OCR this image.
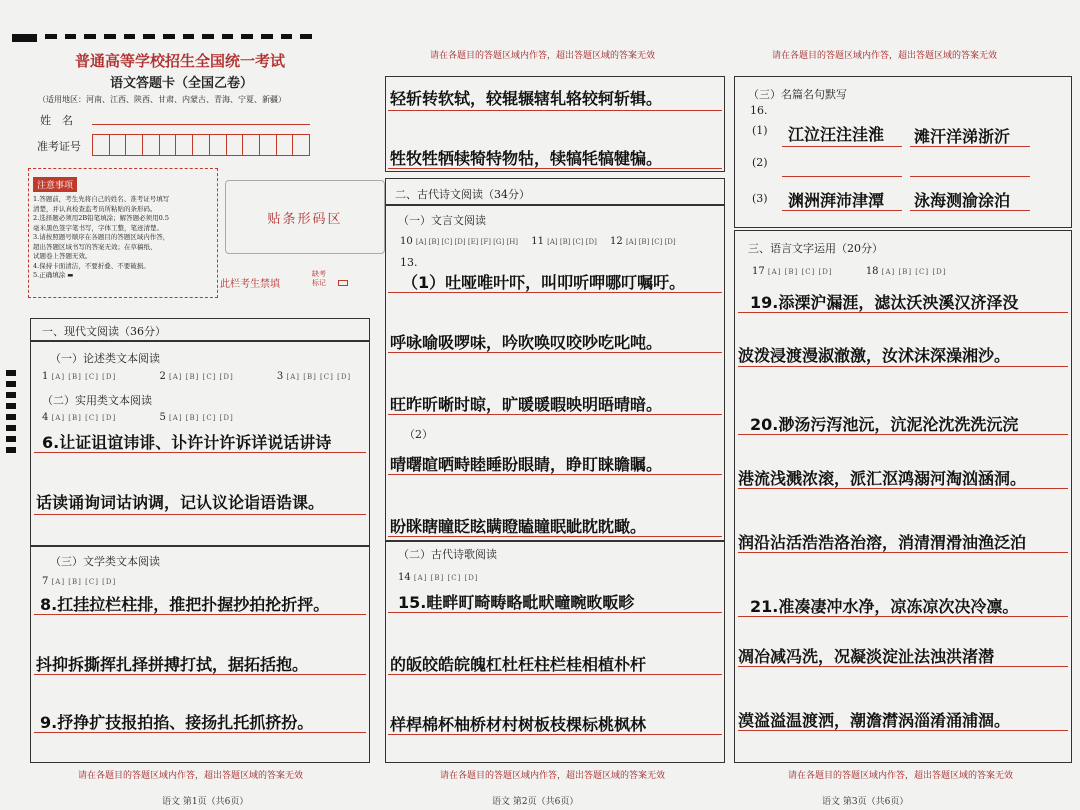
普通高等学校招生全国统一考试
语文答题卡（全国乙卷）
（适用地区：河南、江西、陕西、甘肃、内蒙古、青海、宁夏、新疆）
姓　名
准考证号
注意事项
1.答题前，考生先将自己的姓名、准考证号填写
清楚，并认真检查监考员所粘贴的条形码。
2.选择题必须用2B铅笔填涂；解答题必须用0.5
毫米黑色签字笔书写，字体工整，笔迹清楚。
3.请按照题号顺序在各题目的答题区域内作答，
超出答题区域书写的答案无效；在草稿纸、
试题卷上答题无效。
4.保持卡面清洁，不要折叠、不要破损。
5.正确填涂 ▬
贴条形码区
此栏考生禁填
缺考标记
一、现代文阅读（36分）
（一）论述类文本阅读
1 [A] [B] [C] [D]	2 [A] [B] [C] [D]	3 [A] [B] [C] [D]
（二）实用类文本阅读
4 [A] [B] [C] [D]	5 [A] [B] [C] [D]
6.让证诅谊讳诽、讣许计许诉详说话讲诗
话读诵询词诂讷调，记认议论诣语诰课。
（三）文学类文本阅读
7 [A] [B] [C] [D]
8.扛挂拉栏柱排，推把扑握抄拍抡折抨。
抖抑拆撕挥扎择拼搏打拭，据拓括抱。
9.抒挣扩技报拍掐、接扬扎托抓挤扮。
请在各题目的答题区域内作答，超出答题区域的答案无效
语文 第1页（共6页）
请在各题目的答题区域内作答，超出答题区域的答案无效
轻斩转软轼，较辊辗辖轧辂较轲斩辑。
牲牧牲牺犊犄特物牯，犊犒牦犒犍犏。
二、古代诗文阅读（34分）
（一）文言文阅读
10 [A] [B] [C] [D] [E] [F] [G] [H] 11 [A] [B] [C] [D] 12 [A] [B] [C] [D]
13.
（1）吐哑唯叶吓，叫叩听呷哪叮嘱吁。
呼咏喻吸啰味，吟吹唤叹咬吵吃叱吨。
旺昨昕晰时晾，旷暖暖暇映明晤晴暗。
（2）
晴曙暄晒畤睦睡盼眼睛，睁盯睐瞻瞩。
盼眯瞎瞳眨眩瞒瞪瞌瞳眠眦眈眈瞰。
（二）古代诗歌阅读
14 [A] [B] [C] [D]
15.畦畔町畸畴略毗畎疃畹畋畈畛
的皈皎皓皖魄杠杜枉柱栏桂相植朴杆
样桿棉杯柚桥材村树板枝棵标桃枫林
请在各题目的答题区域内作答，超出答题区域的答案无效
语文 第2页（共6页）
请在各题目的答题区域内作答，超出答题区域的答案无效
（三）名篇名句默写
16.
(1) 江泣汪注洼淮	滩汗洋涕浙沂
(2)
(3) 渊洲湃沛津潭	泳海测渝涂泊
三、语言文字运用（20分）
17 [A] [B] [C] [D]	18 [A] [B] [C] [D]
19.添溧沪漏涯，滤汰沃泱溪汉济泽没
波泼浸渡漫淑澈激，汝沭沫深澡湘沙。
20.渺汤污泻池沅，沆泥沦沈洗洗沅浣
港流浅溅浓滚，派汇沤鸿溺河淘汹涵洞。
润沿沾活浩浩洛治溶，消清渭滑油渔泛泊
21.准凑凄冲水净，凉冻凉次决冷凛。
凋冶减冯洗，况凝淡淀沚法浊洪渚潜
漠溢溢温渡洒，潮澹潸涡淄淆涌浦涸。
请在各题目的答题区域内作答，超出答题区域的答案无效
语文 第3页（共6页）
